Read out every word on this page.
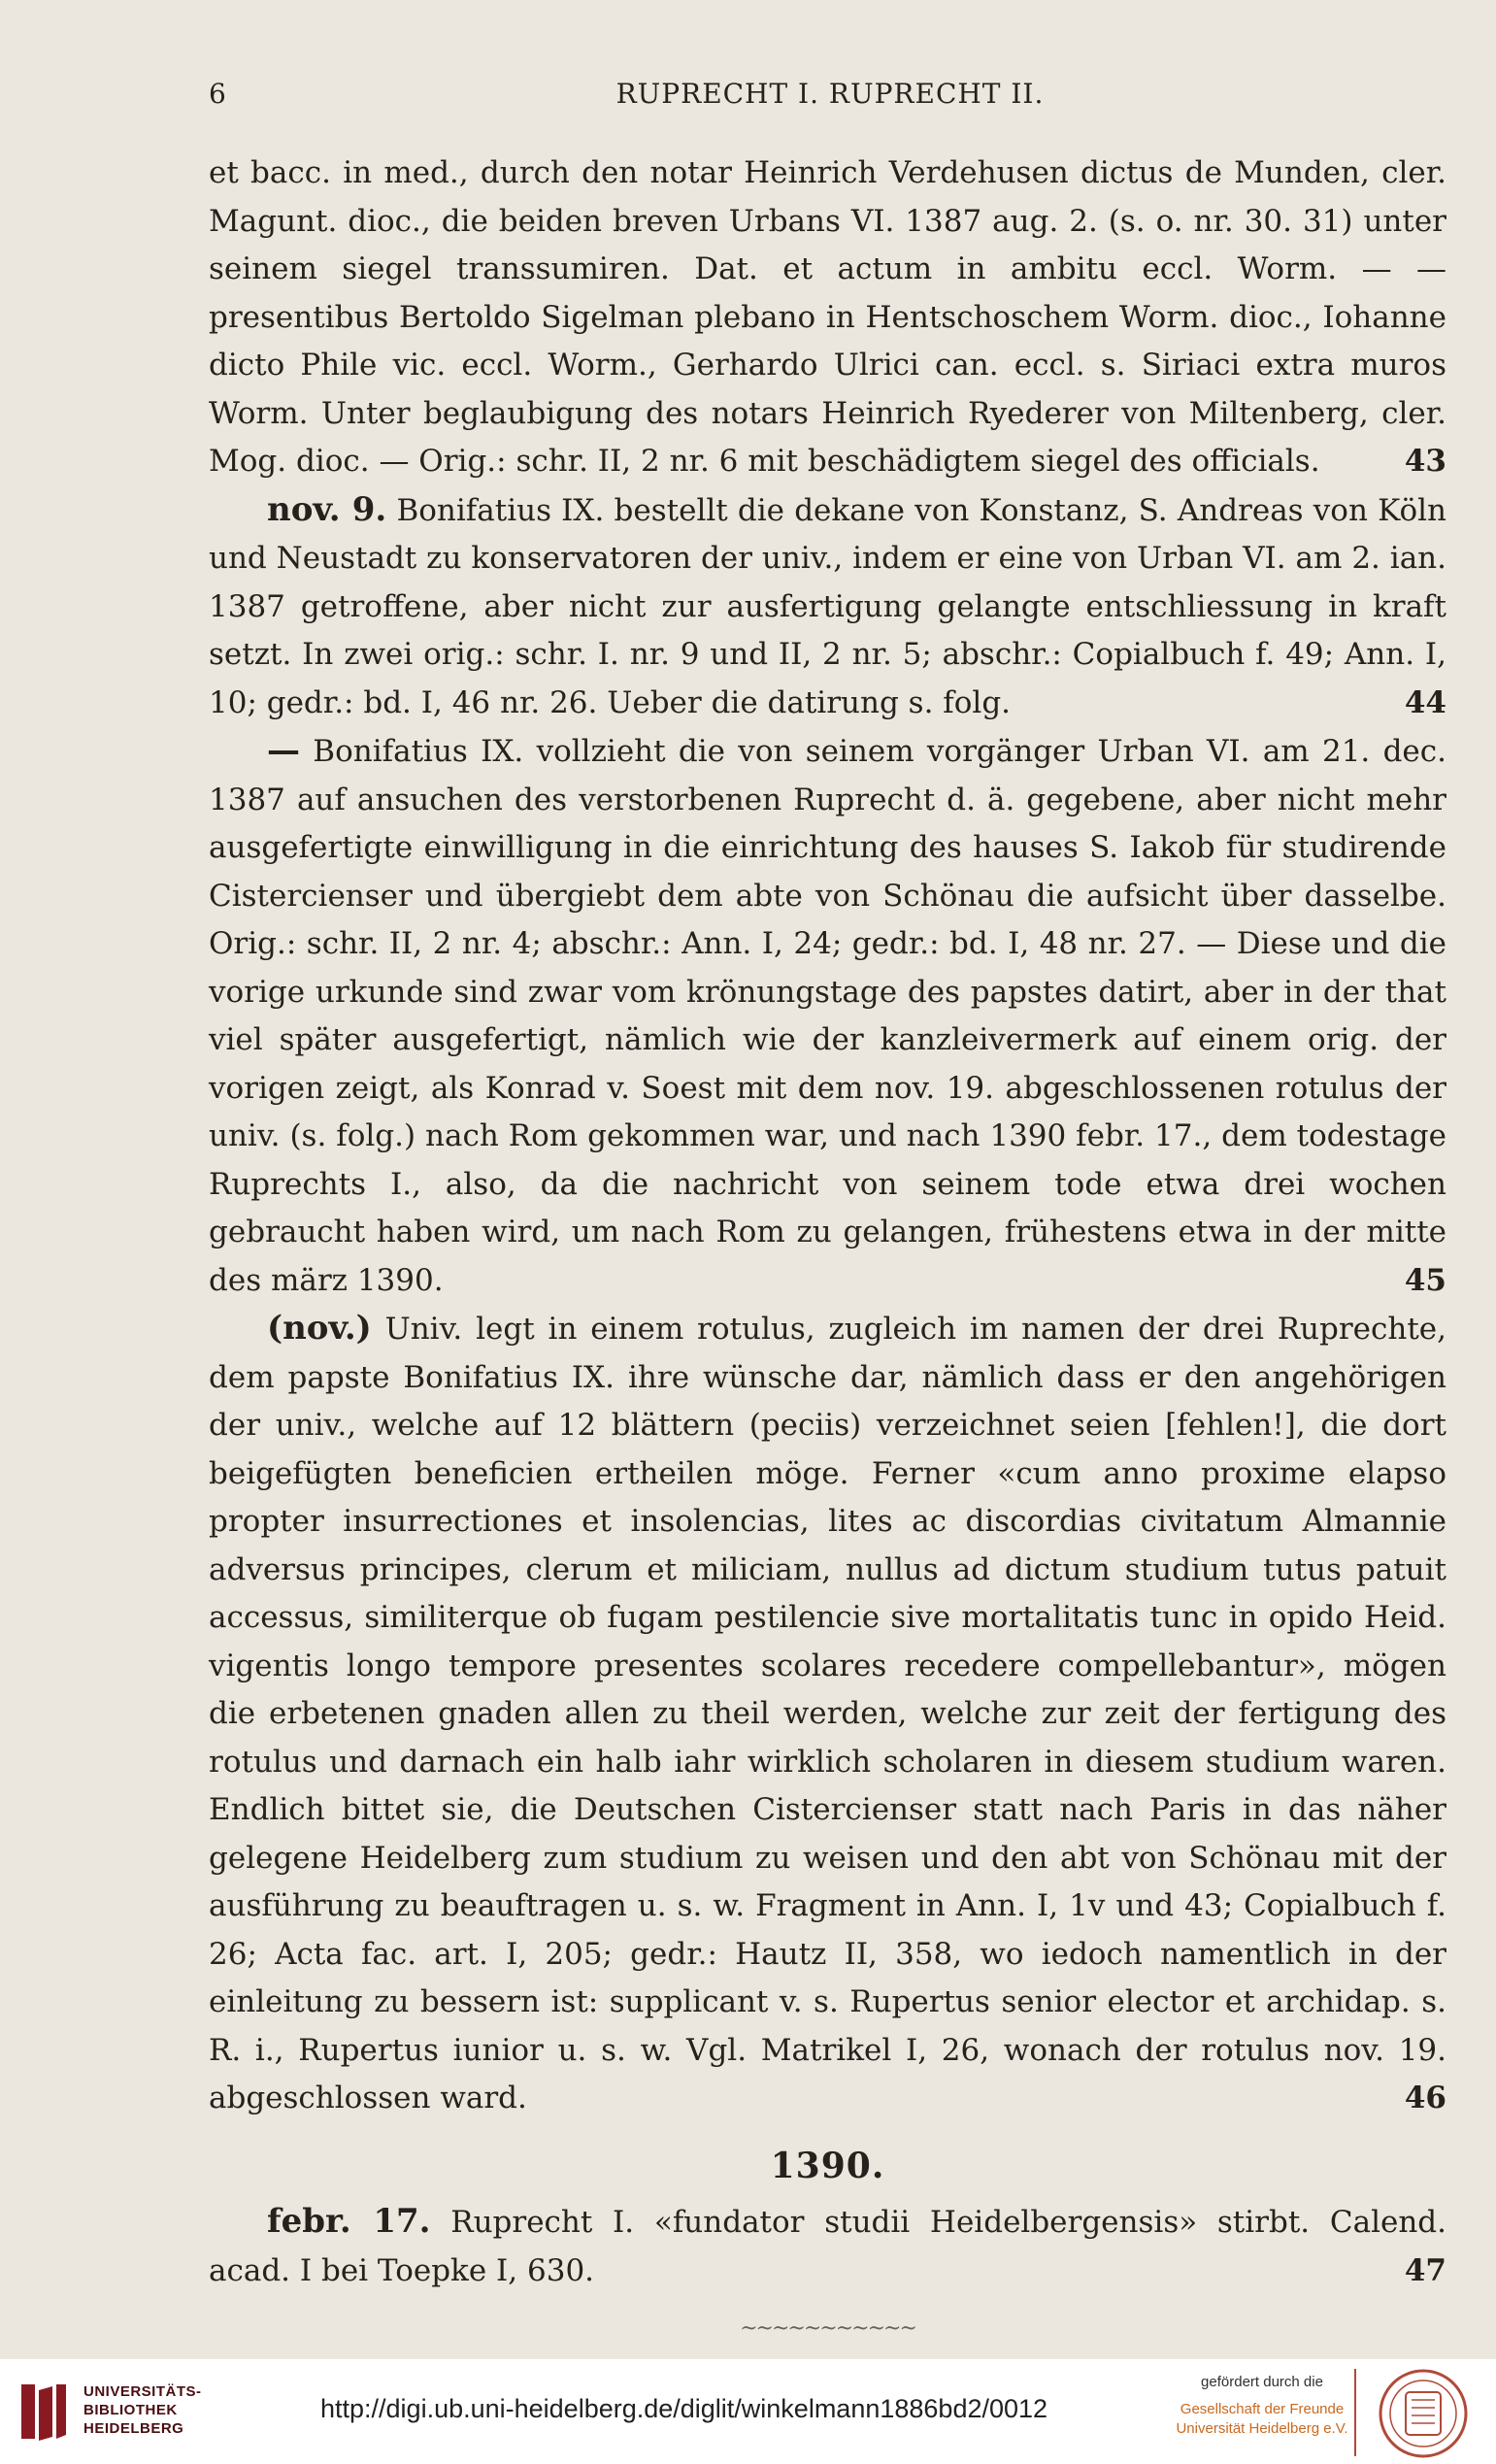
6	RUPRECHT I. RUPRECHT II.

et bacc. in med., durch den notar Heinrich Verdehusen dictus de Munden, cler. Magunt. dioc., die beiden breven Urbans VI. 1387 aug. 2. (s. o. nr. 30. 31) unter seinem siegel transsumiren. Dat. et actum in ambitu eccl. Worm. — — presentibus Bertoldo Sigelman plebano in Hentschoschem Worm. dioc., Iohanne dicto Phile vic. eccl. Worm., Gerhardo Ulrici can. eccl. s. Siriaci extra muros Worm. Unter beglaubigung des notars Heinrich Ryederer von Miltenberg, cler. Mog. dioc. — Orig.: schr. II, 2 nr. 6 mit beschädigtem siegel des officials.	43

nov. 9. Bonifatius IX. bestellt die dekane von Konstanz, S. Andreas von Köln und Neustadt zu konservatoren der univ., indem er eine von Urban VI. am 2. ian. 1387 getroffene, aber nicht zur ausfertigung gelangte entschliessung in kraft setzt. In zwei orig.: schr. I. nr. 9 und II, 2 nr. 5; abschr.: Copialbuch f. 49; Ann. I, 10; gedr.: bd. I, 46 nr. 26. Ueber die datirung s. folg.	44

— Bonifatius IX. vollzieht die von seinem vorgänger Urban VI. am 21. dec. 1387 auf ansuchen des verstorbenen Ruprecht d. ä. gegebene, aber nicht mehr ausgefertigte einwilligung in die einrichtung des hauses S. Iakob für studirende Cistercienser und übergiebt dem abte von Schönau die aufsicht über dasselbe. Orig.: schr. II, 2 nr. 4; abschr.: Ann. I, 24; gedr.: bd. I, 48 nr. 27. — Diese und die vorige urkunde sind zwar vom krönungstage des papstes datirt, aber in der that viel später ausgefertigt, nämlich wie der kanzleivermerk auf einem orig. der vorigen zeigt, als Konrad v. Soest mit dem nov. 19. abgeschlossenen rotulus der univ. (s. folg.) nach Rom gekommen war, und nach 1390 febr. 17., dem todestage Ruprechts I., also, da die nachricht von seinem tode etwa drei wochen gebraucht haben wird, um nach Rom zu gelangen, frühestens etwa in der mitte des märz 1390.	45

(nov.) Univ. legt in einem rotulus, zugleich im namen der drei Ruprechte, dem papste Bonifatius IX. ihre wünsche dar, nämlich dass er den angehörigen der univ., welche auf 12 blättern (peciis) verzeichnet seien [fehlen!], die dort beigefügten beneficien ertheilen möge. Ferner «cum anno proxime elapso propter insurrectiones et insolencias, lites ac discordias civitatum Almannie adversus principes, clerum et miliciam, nullus ad dictum studium tutus patuit accessus, similiterque ob fugam pestilencie sive mortalitatis tunc in opido Heid. vigentis longo tempore presentes scolares recedere compellebantur», mögen die erbetenen gnaden allen zu theil werden, welche zur zeit der fertigung des rotulus und darnach ein halb iahr wirklich scholaren in diesem studium waren. Endlich bittet sie, die Deutschen Cistercienser statt nach Paris in das näher gelegene Heidelberg zum studium zu weisen und den abt von Schönau mit der ausführung zu beauftragen u. s. w. Fragment in Ann. I, 1v und 43; Copialbuch f. 26; Acta fac. art. I, 205; gedr.: Hautz II, 358, wo iedoch namentlich in der einleitung zu bessern ist: supplicant v. s. Rupertus senior elector et archidap. s. R. i., Rupertus iunior u. s. w. Vgl. Matrikel I, 26, wonach der rotulus nov. 19. abgeschlossen ward.	46

1390.

febr. 17. Ruprecht I. «fundator studii Heidelbergensis» stirbt. Calend. acad. I bei Toepke I, 630.	47

~~~~~~~~~~~
UNIVERSITÄTS-
BIBLIOTHEK
HEIDELBERG
http://digi.ub.uni-heidelberg.de/diglit/winkelmann1886bd2/0012
gefördert durch die
Gesellschaft der Freunde
Universität Heidelberg e.V.
